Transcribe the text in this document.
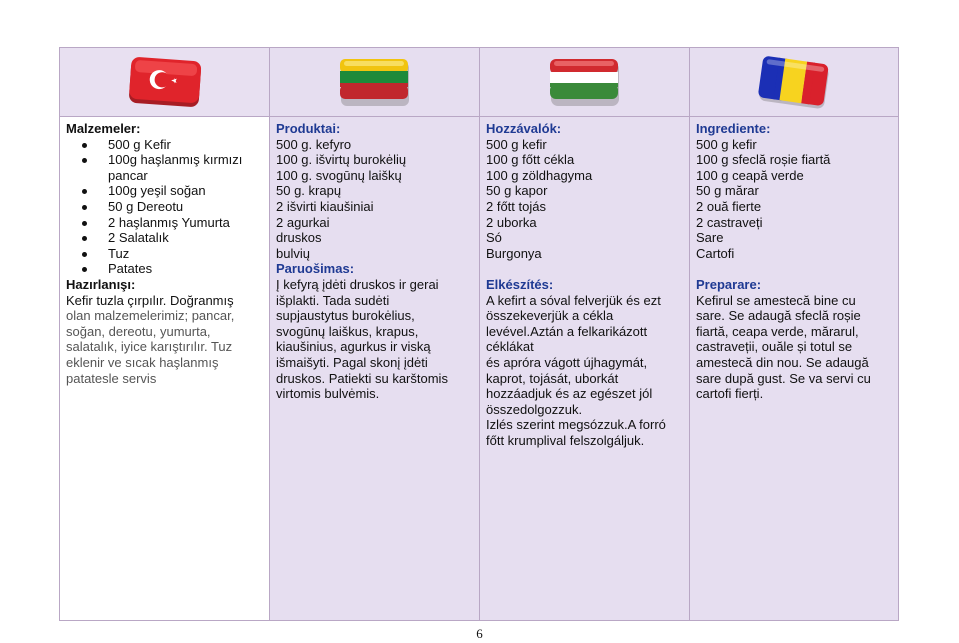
Malzemeler:
500 g Kefir
100g haşlanmış kırmızı pancar
100g yeşil soğan
50 g Dereotu
2 haşlanmış Yumurta
2 Salatalık
Tuz
Patates
Hazırlanışı:
Kefir tuzla çırpılır. Doğranmış
olan malzemelerimiz; pancar,
soğan, dereotu, yumurta,
salatalık, iyice karıştırılır. Tuz
eklenir ve sıcak haşlanmış
patatesle servis
Produktai:
500 g. kefyro
100 g. išvirtų burokėlių
100 g. svogūnų laiškų
50 g. krapų
2 išvirti kiaušiniai
2 agurkai
druskos
bulvių
Paruošimas:
Į kefyrą įdėti druskos ir gerai
išplakti. Tada sudėti
supjaustytus burokėlius,
svogūnų laiškus, krapus,
kiaušinius, agurkus ir viską
išmaišyti. Pagal skonį įdėti
druskos. Patiekti su karštomis
virtomis bulvėmis.
Hozzávalók:
500 g kefir
100 g főtt cékla
100 g zöldhagyma
50 g kapor
2 főtt tojás
2 uborka
Só
Burgonya
Elkészítés:
A kefirt a sóval felverjük és ezt
összekeverjük a cékla
levével.Aztán a felkarikázott
céklákat
és apróra vágott újhagymát,
kaprot, tojását, uborkát
hozzáadjuk és az egészet jól
összedolgozzuk.
Izlés szerint megsózzuk.A forró
főtt krumplival felszolgáljuk.
Ingrediente:
500 g kefir
100 g sfeclă roșie fiartă
100 g ceapă verde
50 g mărar
2 ouă fierte
2 castraveți
Sare
Cartofi
Preparare:
Kefirul se amestecă bine cu
sare. Se adaugă sfeclă roșie
fiartă, ceapa verde, mărarul,
castraveții, ouăle și totul se
amestecă din nou. Se adaugă
sare după gust. Se va servi cu
cartofi fierți.
6
